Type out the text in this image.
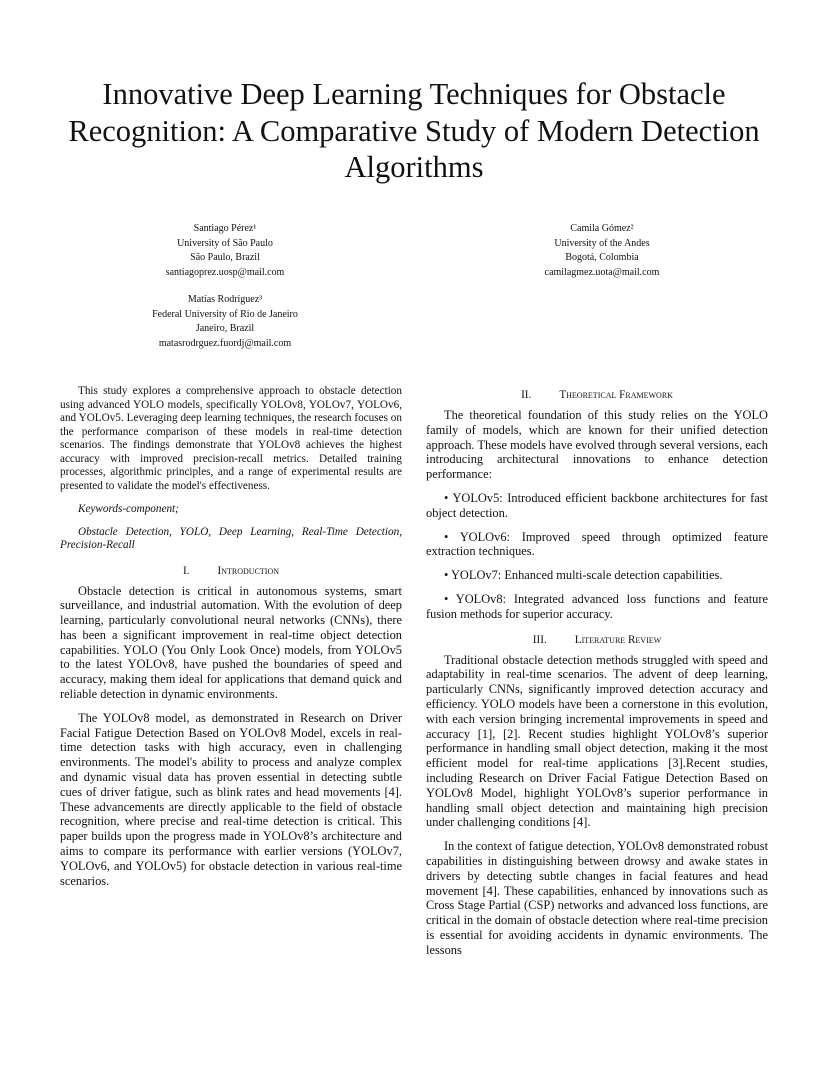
Innovative Deep Learning Techniques for Obstacle Recognition: A Comparative Study of Modern Detection Algorithms
Santiago Pérez¹
University of São Paulo
São Paulo, Brazil
santiagoprez.uosp@mail.com
Camila Gómez²
University of the Andes
Bogotá, Colombia
camilagmez.uota@mail.com
Matías Rodríguez³
Federal University of Rio de Janeiro
Janeiro, Brazil
matasrodrguez.fuordj@mail.com

This study explores a comprehensive approach to obstacle detection using advanced YOLO models, specifically YOLOv8, YOLOv7, YOLOv6, and YOLOv5. Leveraging deep learning techniques, the research focuses on the performance comparison of these models in real-time detection scenarios. The findings demonstrate that YOLOv8 achieves the highest accuracy with improved precision-recall metrics. Detailed training processes, algorithmic principles, and a range of experimental results are presented to validate the model's effectiveness.

Keywords-component;

Obstacle Detection, YOLO, Deep Learning, Real-Time Detection, Precision-Recall

I.	Introduction

Obstacle detection is critical in autonomous systems, smart surveillance, and industrial automation. With the evolution of deep learning, particularly convolutional neural networks (CNNs), there has been a significant improvement in real-time object detection capabilities. YOLO (You Only Look Once) models, from YOLOv5 to the latest YOLOv8, have pushed the boundaries of speed and accuracy, making them ideal for applications that demand quick and reliable detection in dynamic environments.

The YOLOv8 model, as demonstrated in Research on Driver Facial Fatigue Detection Based on YOLOv8 Model, excels in real-time detection tasks with high accuracy, even in challenging environments. The model's ability to process and analyze complex and dynamic visual data has proven essential in detecting subtle cues of driver fatigue, such as blink rates and head movements [4]. These advancements are directly applicable to the field of obstacle recognition, where precise and real-time detection is critical. This paper builds upon the progress made in YOLOv8’s architecture and aims to compare its performance with earlier versions (YOLOv7, YOLOv6, and YOLOv5) for obstacle detection in various real-time scenarios.

II.	Theoretical Framework

The theoretical foundation of this study relies on the YOLO family of models, which are known for their unified detection approach. These models have evolved through several versions, each introducing architectural innovations to enhance detection performance:

• YOLOv5: Introduced efficient backbone architectures for fast object detection.

• YOLOv6: Improved speed through optimized feature extraction techniques.

• YOLOv7: Enhanced multi-scale detection capabilities.

• YOLOv8: Integrated advanced loss functions and feature fusion methods for superior accuracy.

III.	Literature Review

Traditional obstacle detection methods struggled with speed and adaptability in real-time scenarios. The advent of deep learning, particularly CNNs, significantly improved detection accuracy and efficiency. YOLO models have been a cornerstone in this evolution, with each version bringing incremental improvements in speed and accuracy [1], [2]. Recent studies highlight YOLOv8’s superior performance in handling small object detection, making it the most efficient model for real-time applications [3].Recent studies, including Research on Driver Facial Fatigue Detection Based on YOLOv8 Model, highlight YOLOv8’s superior performance in handling small object detection and maintaining high precision under challenging conditions [4].

In the context of fatigue detection, YOLOv8 demonstrated robust capabilities in distinguishing between drowsy and awake states in drivers by detecting subtle changes in facial features and head movement [4]. These capabilities, enhanced by innovations such as Cross Stage Partial (CSP) networks and advanced loss functions, are critical in the domain of obstacle detection where real-time precision is essential for avoiding accidents in dynamic environments. The lessons
